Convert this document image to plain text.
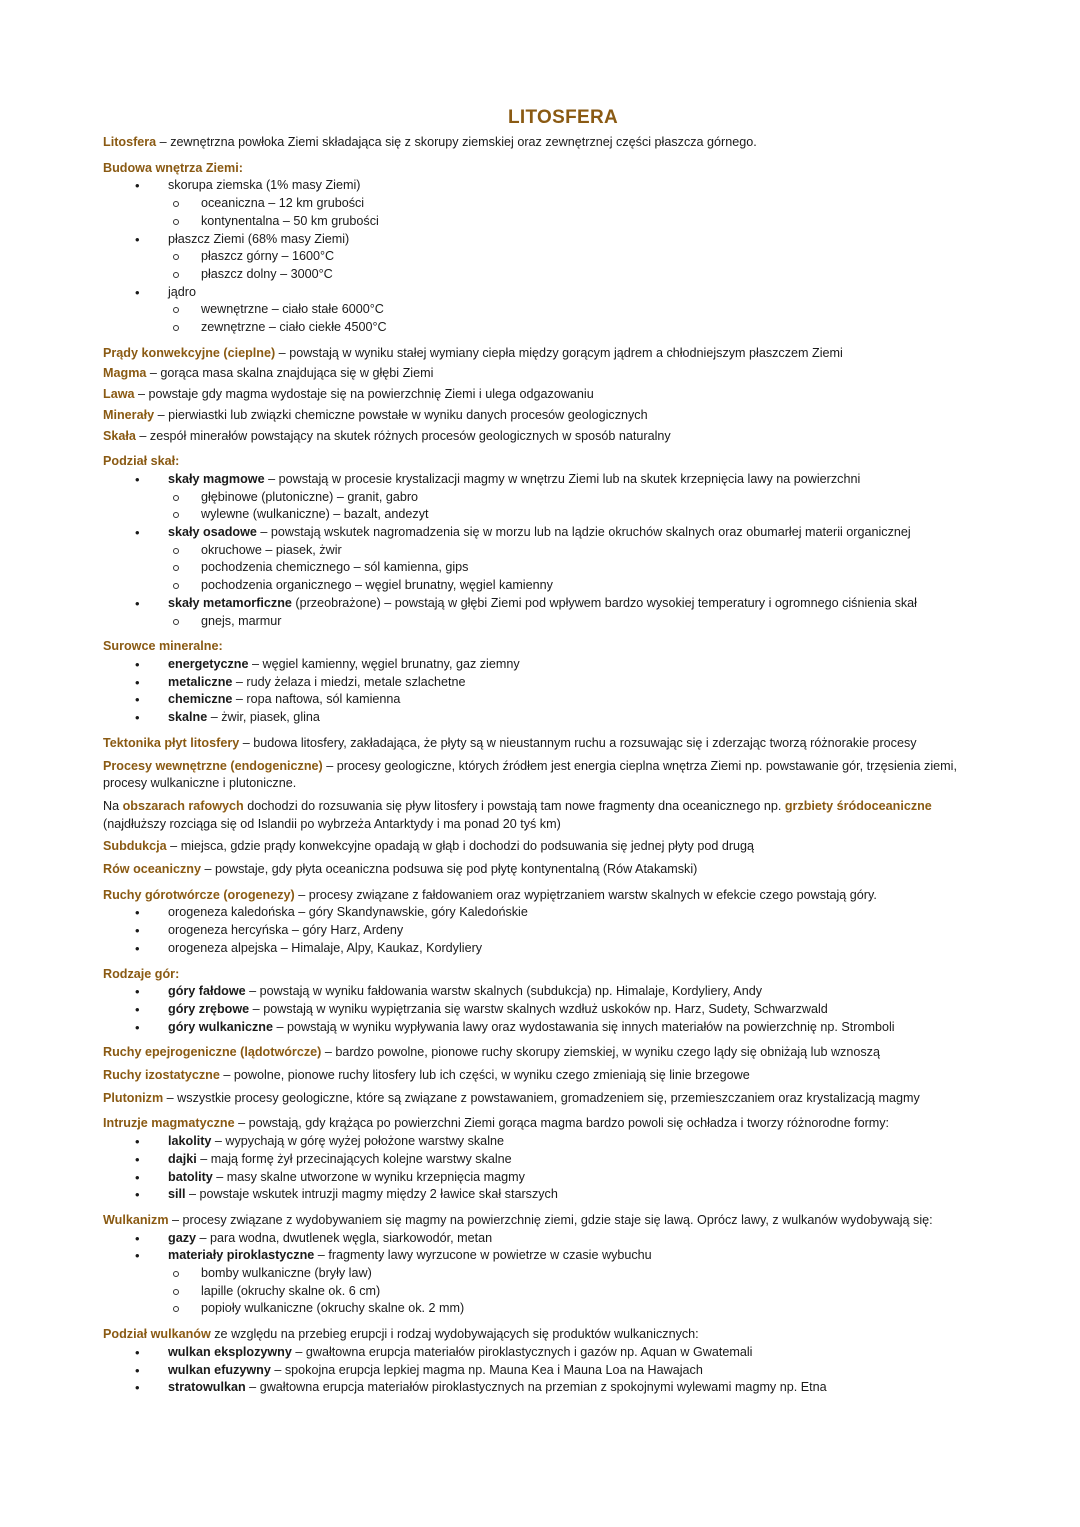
LITOSFERA

Litosfera – zewnętrzna powłoka Ziemi składająca się z skorupy ziemskiej oraz zewnętrznej części płaszcza górnego.

Budowa wnętrza Ziemi:
• skorupa ziemska (1% masy Ziemi)
oceaniczna – 12 km grubości
kontynentalna – 50 km grubości
• płaszcz Ziemi (68% masy Ziemi)
płaszcz górny – 1600°C
płaszcz dolny – 3000°C
• jądro
wewnętrzne – ciało stałe 6000°C
zewnętrzne – ciało ciekłe 4500°C

Prądy konwekcyjne (cieplne) – powstają w wyniku stałej wymiany ciepła między gorącym jądrem a chłodniejszym płaszczem Ziemi

Magma – gorąca masa skalna znajdująca się w głębi Ziemi

Lawa – powstaje gdy magma wydostaje się na powierzchnię Ziemi i ulega odgazowaniu

Minerały – pierwiastki lub związki chemiczne powstałe w wyniku danych procesów geologicznych

Skała – zespół minerałów powstający na skutek różnych procesów geologicznych w sposób naturalny

Podział skał:
• skały magmowe – powstają w procesie krystalizacji magmy w wnętrzu Ziemi lub na skutek krzepnięcia lawy na powierzchni
głębinowe (plutoniczne) – granit, gabro
wylewne (wulkaniczne) – bazalt, andezyt
• skały osadowe – powstają wskutek nagromadzenia się w morzu lub na lądzie okruchów skalnych oraz obumarłej materii organicznej
okruchowe – piasek, żwir
pochodzenia chemicznego – sól kamienna, gips
pochodzenia organicznego – węgiel brunatny, węgiel kamienny
• skały metamorficzne (przeobrażone) – powstają w głębi Ziemi pod wpływem bardzo wysokiej temperatury i ogromnego ciśnienia skał
gnejs, marmur
Surowce mineralne:
• energetyczne – węgiel kamienny, węgiel brunatny, gaz ziemny
• metaliczne – rudy żelaza i miedzi, metale szlachetne
• chemiczne – ropa naftowa, sól kamienna
• skalne – żwir, piasek, glina

Tektonika płyt litosfery – budowa litosfery, zakładająca, że płyty są w nieustannym ruchu a rozsuwając się i zderzając tworzą różnorakie procesy

Procesy wewnętrzne (endogeniczne) – procesy geologiczne, których źródłem jest energia cieplna wnętrza Ziemi np. powstawanie gór, trzęsienia ziemi, procesy wulkaniczne i plutoniczne.

Na obszarach rafowych dochodzi do rozsuwania się pływ litosfery i powstają tam nowe fragmenty dna oceanicznego np. grzbiety śródoceaniczne (najdłuższy rozciąga się od Islandii po wybrzeża Antarktydy i ma ponad 20 tyś km)

Subdukcja – miejsca, gdzie prądy konwekcyjne opadają w głąb i dochodzi do podsuwania się jednej płyty pod drugą

Rów oceaniczny – powstaje, gdy płyta oceaniczna podsuwa się pod płytę kontynentalną (Rów Atakamski)

Ruchy górotwórcze (orogenezy) – procesy związane z fałdowaniem oraz wypiętrzaniem warstw skalnych w efekcie czego powstają góry.

• orogeneza kaledońska – góry Skandynawskie, góry Kaledońskie
• orogeneza hercyńska – góry Harz, Ardeny
• orogeneza alpejska – Himalaje, Alpy, Kaukaz, Kordyliery
Rodzaje gór:
• góry fałdowe – powstają w wyniku fałdowania warstw skalnych (subdukcja) np. Himalaje, Kordyliery, Andy
• góry zrębowe – powstają w wyniku wypiętrzania się warstw skalnych wzdłuż uskoków np. Harz, Sudety, Schwarzwald
• góry wulkaniczne – powstają w wyniku wypływania lawy oraz wydostawania się innych materiałów na powierzchnię np. Stromboli

Ruchy epejrogeniczne (lądotwórcze) – bardzo powolne, pionowe ruchy skorupy ziemskiej, w wyniku czego lądy się obniżają lub wznoszą

Ruchy izostatyczne – powolne, pionowe ruchy litosfery lub ich części, w wyniku czego zmieniają się linie brzegowe

Plutonizm – wszystkie procesy geologiczne, które są związane z powstawaniem, gromadzeniem się, przemieszczaniem oraz krystalizacją magmy

Intruzje magmatyczne – powstają, gdy krążąca po powierzchni Ziemi gorąca magma bardzo powoli się ochładza i tworzy różnorodne formy:

• lakolity – wypychają w górę wyżej położone warstwy skalne
• dajki – mają formę żył przecinających kolejne warstwy skalne
• batolity – masy skalne utworzone w wyniku krzepnięcia magmy
• sill – powstaje wskutek intruzji magmy między 2 ławice skał starszych

Wulkanizm – procesy związane z wydobywaniem się magmy na powierzchnię ziemi, gdzie staje się lawą. Oprócz lawy, z wulkanów wydobywają się:

• gazy – para wodna, dwutlenek węgla, siarkowodór, metan
• materiały piroklastyczne – fragmenty lawy wyrzucone w powietrze w czasie wybuchu
bomby wulkaniczne (bryły law)
lapille (okruchy skalne ok. 6 cm)
popioły wulkaniczne (okruchy skalne ok. 2 mm)

Podział wulkanów ze względu na przebieg erupcji i rodzaj wydobywających się produktów wulkanicznych:

• wulkan eksplozywny – gwałtowna erupcja materiałów piroklastycznych i gazów np. Aquan w Gwatemali
• wulkan efuzywny – spokojna erupcja lepkiej magma np. Mauna Kea i Mauna Loa na Hawajach
• stratowulkan – gwałtowna erupcja materiałów piroklastycznych na przemian z spokojnymi wylewami magmy np. Etna
